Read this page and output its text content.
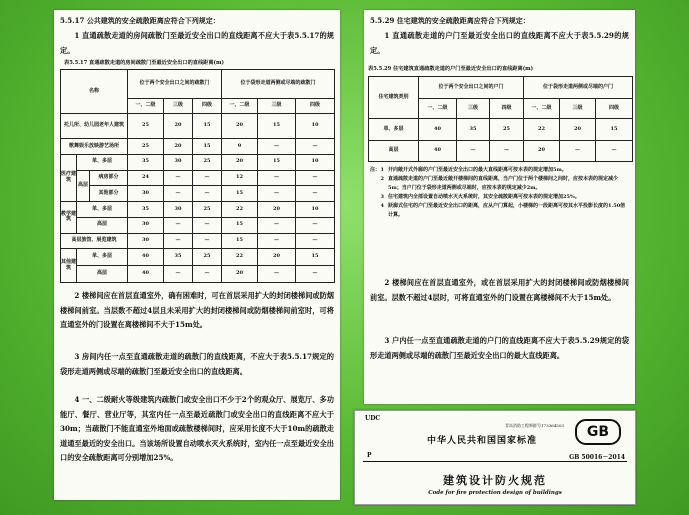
5.5.17 公共建筑的安全疏散距离应符合下列规定：
1 直通疏散走道的房间疏散门至最近安全出口的直线距离不应大于表5.5.17的规定。
表5.5.17 直通疏散走道的房间疏散门至最近安全出口的直线距离(m)
名称			位于两个安全出口之间的疏散门			位于袋形走道两侧或尽端的疏散门		
			一、二级	三级	四级	一、二级	三级	四级
托儿所、幼儿园老年人建筑			25	20	15	20	15	10
歌舞娱乐放映游艺场所			25	20	15	9	—	—
医疗建筑	单、多层		35	30	25	20	15	10
	高层	病房部分	24	—	—	12	—	—
		其他部分	30	—	—	15	—	—
教学建筑	单、多层		35	30	25	22	20	10
	高层		30	—	—	15	—	—
高层旅馆、展览建筑			30	—	—	15	—	—
其他建筑	单、多层		40	35	25	22	20	15
	高层		40	—	—	20	—	—
2 楼梯间应在首层直通室外，确有困难时，可在首层采用扩大的封闭楼梯间或防烟楼梯间前室。当层数不超过4层且未采用扩大的封闭楼梯间或防烟楼梯间前室时，可将直通室外的门设置在离楼梯间不大于15m处。
3 房间内任一点至直通疏散走道的疏散门的直线距离，不应大于表5.5.17规定的袋形走道两侧或尽端的疏散门至最近安全出口的直线距离。
4 一、二级耐火等级建筑内疏散门或安全出口不少于2个的观众厅、展览厅、多功能厅、餐厅、营业厅等，其室内任一点至最近疏散门或安全出口的直线距离不应大于30m；当疏散门不能直通室外地面或疏散楼梯间时，应采用长度不大于10m的疏散走道通至最近的安全出口。当该场所设置自动喷水灭火系统时，室内任一点至最近安全出口的安全疏散距离可分别增加25%。
5.5.29 住宅建筑的安全疏散距离应符合下列规定：
1 直通疏散走道的户门至最近安全出口的直线距离不应大于表5.5.29的规定。
表5.5.29 住宅建筑直通疏散走道的户门至最近安全出口的直线距离(m)
住宅建筑类别	位于两个安全出口之间的户门			位于袋形走道两侧或尽端的户门		
	一、二级	三级	四级	一、二级	三级	四级
单、多层	40	35	25	22	20	15
高层	40	—	—	20	—	—
注： 1 开向敞开式外廊的户门至最近安全出口的最大直线距离可按本表的规定增加5m。
2 直通疏散走道的户门至最近敞开楼梯间的直线距离，当户门位于两个楼梯间之间时，应按本表的规定减少5m；当户门位于袋形走道两侧或尽端时，应按本表的规定减少2m。
3 住宅建筑内全部设置自动喷水灭火系统时，其安全疏散距离可按本表的规定增加25%。
4 跃廊式住宅的户门至最近安全出口的距离，应从户门算起，小楼梯的一段距离可按其水平投影长度的1.50倍计算。
2 楼梯间应在首层直通室外，或在首层采用扩大的封闭楼梯间或防烟楼梯间前室。层数不超过4层时，可将直通室外的门设置在离楼梯间不大于15m处。
3 户内任一点至直通疏散走道的户门的直线距离不应大于表5.5.29规定的袋形走道两侧或尽端的疏散门至最近安全出口的最大直线距离。
UDC
青岛消防工程师群号173364503
中华人民共和国国家标准
GB
P	GB 50016－2014
建筑设计防火规范
Code for fire protection design of buildings
